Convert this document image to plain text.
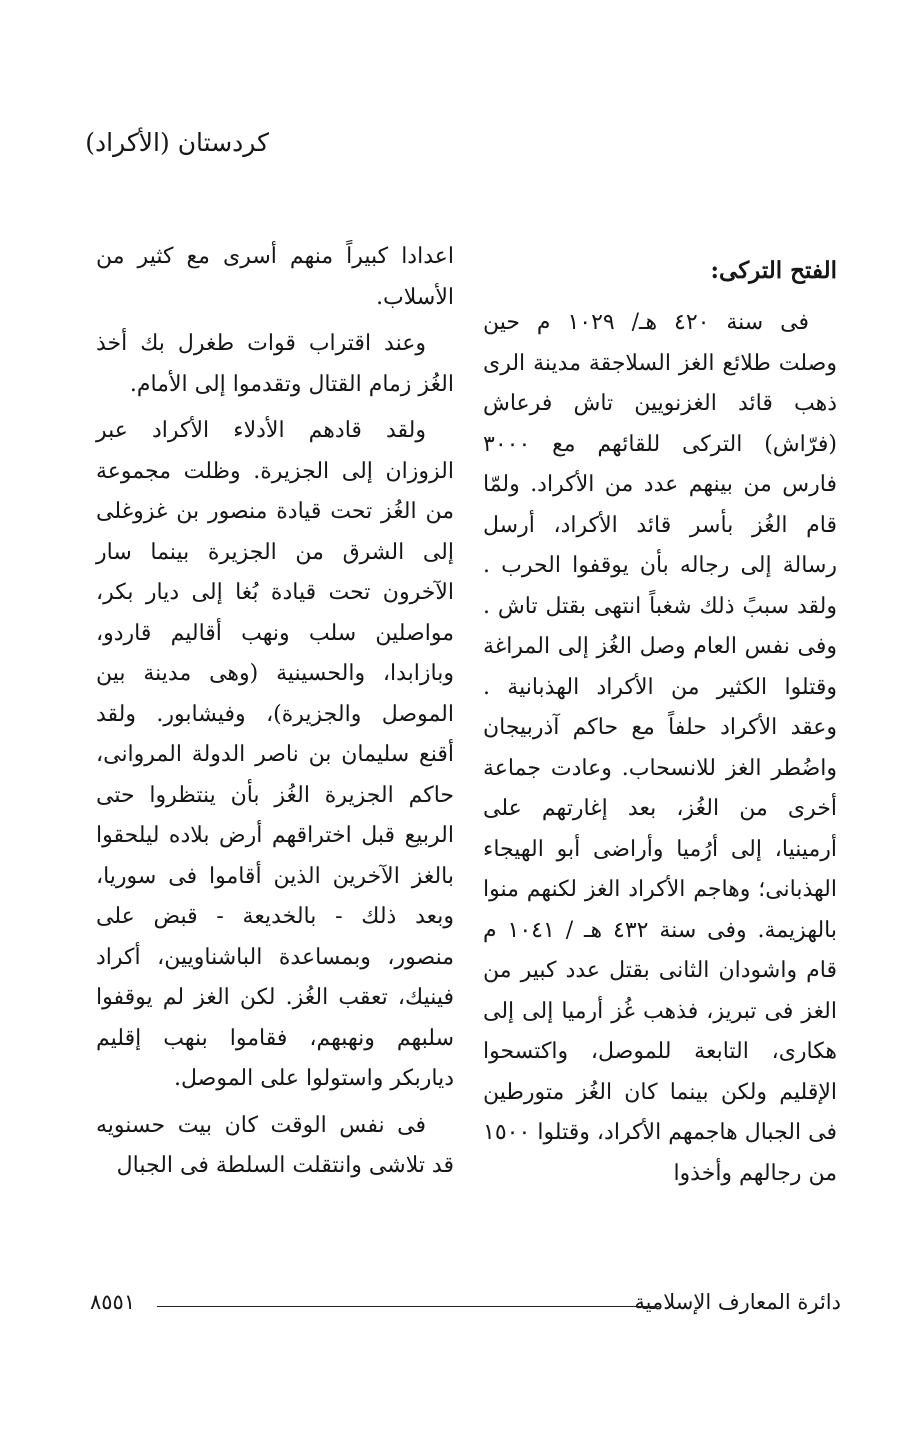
كردستان (الأكراد)
الفتح التركى:

فى سنة ٤٢٠ هـ/ ١٠٢٩ م حين وصلت طلائع الغز السلاجقة مدينة الرى ذهب قائد الغزنويين تاش فرعاش (فرّاش) التركى للقائهم مع ٣٠٠٠ فارس من بينهم عدد من الأكراد. ولمّا قام الغُز بأسر قائد الأكراد، أرسل رسالة إلى رجاله بأن يوقفوا الحرب . ولقد سببً ذلك شغباً انتهى بقتل تاش . وفى نفس العام وصل الغُز إلى المراغة وقتلوا الكثير من الأكراد الهذبانية . وعقد الأكراد حلفاً مع حاكم آذربيجان واضُطر الغز للانسحاب. وعادت جماعة أخرى من الغُز، بعد إغارتهم على أرمينيا، إلى أرُميا وأراضى أبو الهيجاء الهذبانى؛ وهاجم الأكراد الغز لكنهم منوا بالهزيمة. وفى سنة ٤٣٢ هـ / ١٠٤١ م قام واشودان الثانى بقتل عدد كبير من الغز فى تبريز، فذهب غُز أرميا إلى إلى هكارى، التابعة للموصل، واكتسحوا الإقليم ولكن بينما كان الغُز متورطين فى الجبال هاجمهم الأكراد، وقتلوا ١٥٠٠ من رجالهم وأخذوا

اعدادا كبيراً منهم أسرى مع كثير من الأسلاب.

وعند اقتراب قوات طغرل بك أخذ الغُز زمام القتال وتقدموا إلى الأمام.

ولقد قادهم الأدلاء الأكراد عبر الزوزان إلى الجزيرة. وظلت مجموعة من الغُز تحت قيادة منصور بن غزوغلى إلى الشرق من الجزيرة بينما سار الآخرون تحت قيادة بُغا إلى ديار بكر، مواصلين سلب ونهب أقاليم قاردو، وبازابدا، والحسينية (وهى مدينة بين الموصل والجزيرة)، وفيشابور. ولقد أقنع سليمان بن ناصر الدولة المروانى، حاكم الجزيرة الغُز بأن ينتظروا حتى الربيع قبل اختراقهم أرض بلاده ليلحقوا بالغز الآخرين الذين أقاموا فى سوريا، وبعد ذلك - بالخديعة - قبض على منصور، وبمساعدة الباشناويين، أكراد فينيك، تعقب الغُز. لكن الغز لم يوقفوا سلبهم ونهبهم، فقاموا بنهب إقليم دياربكر واستولوا على الموصل.

فى نفس الوقت كان بيت حسنويه قد تلاشى وانتقلت السلطة فى الجبال

دائرة المعارف الإسلامية
٨٥٥١
